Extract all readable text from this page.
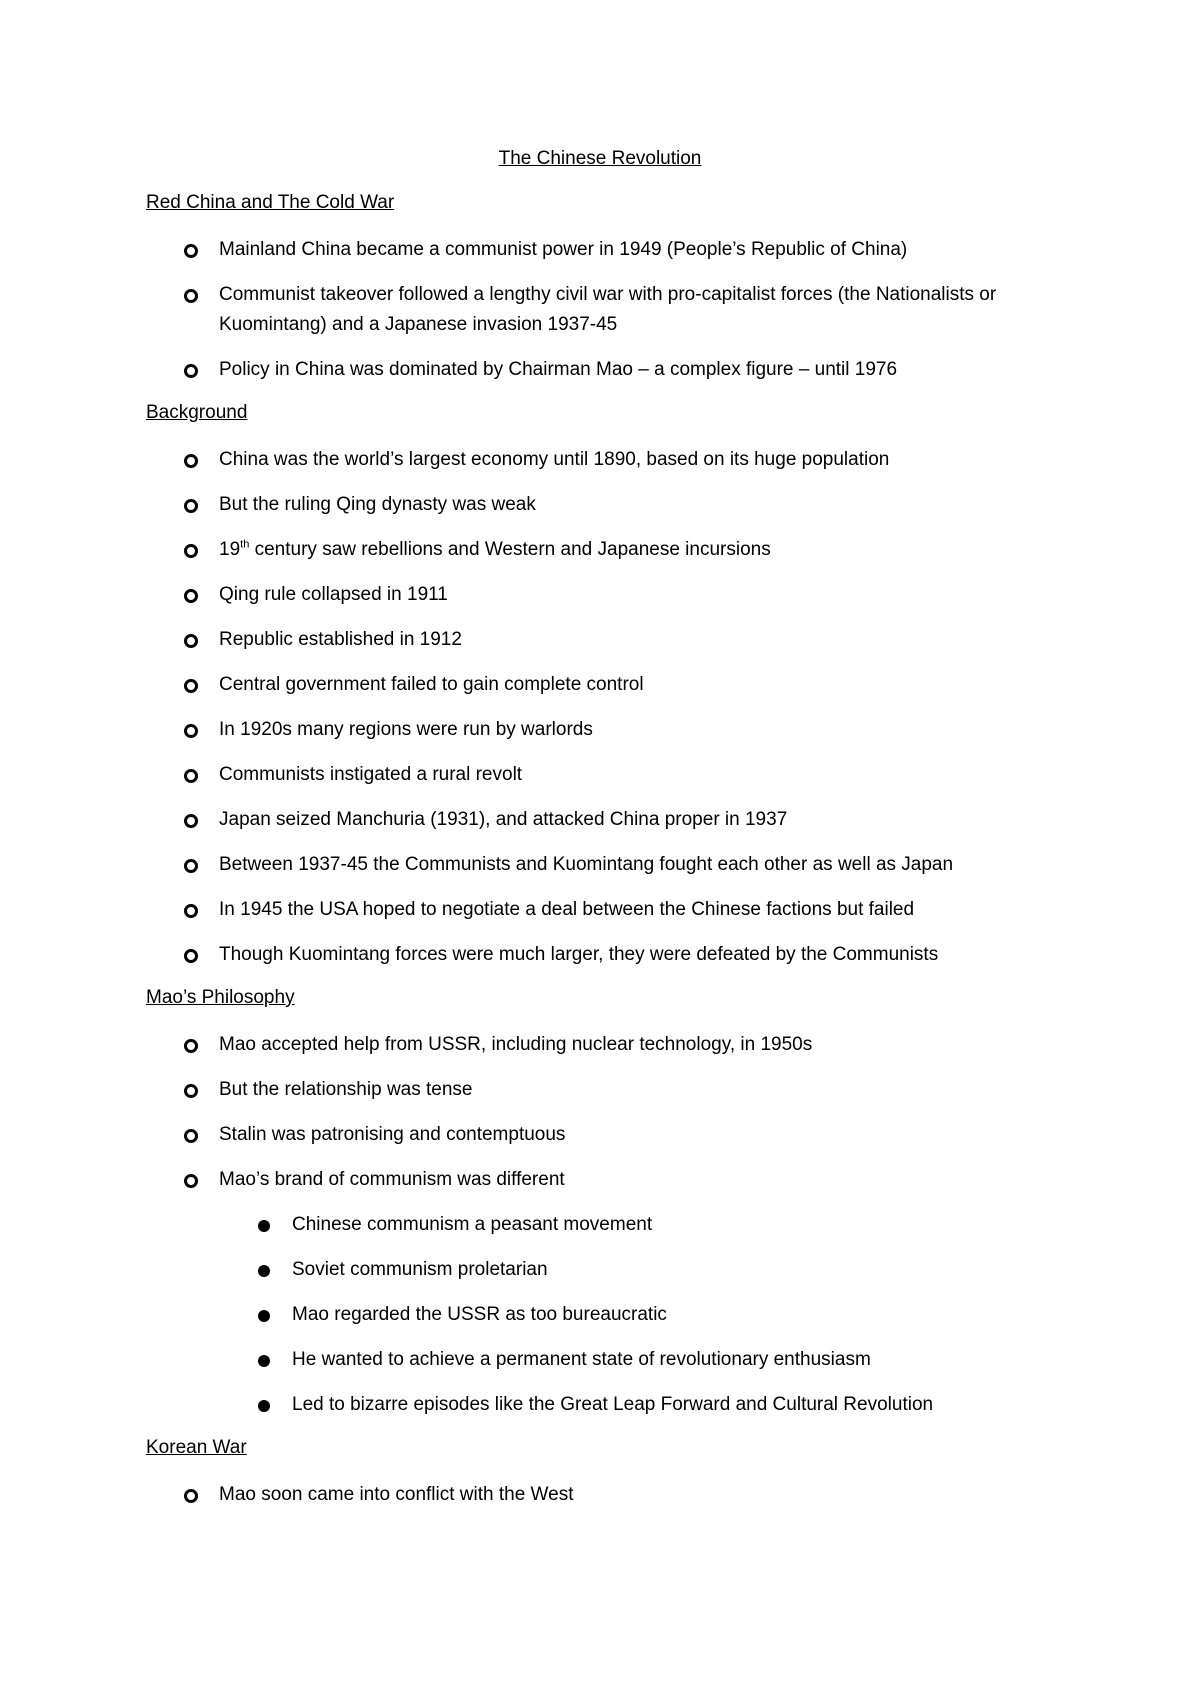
The Chinese Revolution
Red China and The Cold War
Mainland China became a communist power in 1949 (People’s Republic of China)
Communist takeover followed a lengthy civil war with pro-capitalist forces (the Nationalists or Kuomintang) and a Japanese invasion 1937-45
Policy in China was dominated by Chairman Mao – a complex figure – until 1976
Background
China was the world’s largest economy until 1890, based on its huge population
But the ruling Qing dynasty was weak
19th century saw rebellions and Western and Japanese incursions
Qing rule collapsed in 1911
Republic established in 1912
Central government failed to gain complete control
In 1920s many regions were run by warlords
Communists instigated a rural revolt
Japan seized Manchuria (1931), and attacked China proper in 1937
Between 1937-45 the Communists and Kuomintang fought each other as well as Japan
In 1945 the USA hoped to negotiate a deal between the Chinese factions but failed
Though Kuomintang forces were much larger, they were defeated by the Communists
Mao’s Philosophy
Mao accepted help from USSR, including nuclear technology, in 1950s
But the relationship was tense
Stalin was patronising and contemptuous
Mao’s brand of communism was different
Chinese communism a peasant movement
Soviet communism proletarian
Mao regarded the USSR as too bureaucratic
He wanted to achieve a permanent state of revolutionary enthusiasm
Led to bizarre episodes like the Great Leap Forward and Cultural Revolution
Korean War
Mao soon came into conflict with the West
